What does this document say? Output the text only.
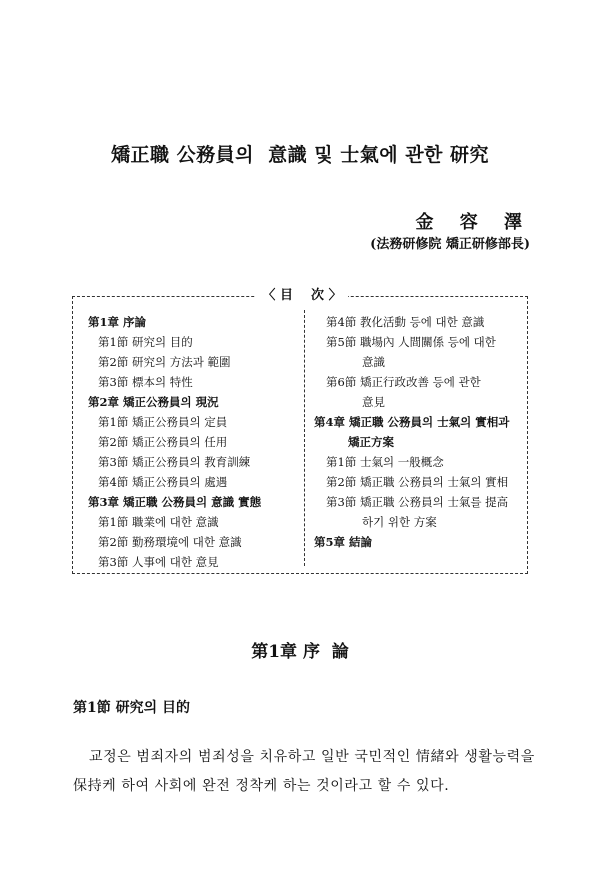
矯正職 公務員의  意識 및 士氣에 관한 研究
金 容 澤
(法務研修院 矯正研修部長)
〈 目    次 〉
第1章 序論
第1節 研究의 目的
第2節 研究의 方法과 範圍
第3節 標本의 特性
第2章 矯正公務員의 現況
第1節 矯正公務員의 定員
第2節 矯正公務員의 任用
第3節 矯正公務員의 教育訓練
第4節 矯正公務員의 處遇
第3章 矯正職 公務員의 意識 實態
第1節 職業에 대한 意識
第2節 勤務環境에 대한 意識
第3節 人事에 대한 意見
第4節 教化活動 등에 대한 意識
第5節 職場內 人間關係 등에 대한
意識
第6節 矯正行政改善 등에 관한
意見
第4章 矯正職 公務員의 士氣의 實相과
矯正方案
第1節 士氣의 一般概念
第2節 矯正職 公務員의 士氣의 實相
第3節 矯正職 公務員의 士氣를 提高
하기 위한 方案
第5章 結論
第1章 序  論
第1節 研究의 目的
교정은 범죄자의 범죄성을 치유하고 일반 국민적인 情緒와 생활능력을
保持케 하여 사회에 완전 정착케 하는 것이라고 할 수 있다.
